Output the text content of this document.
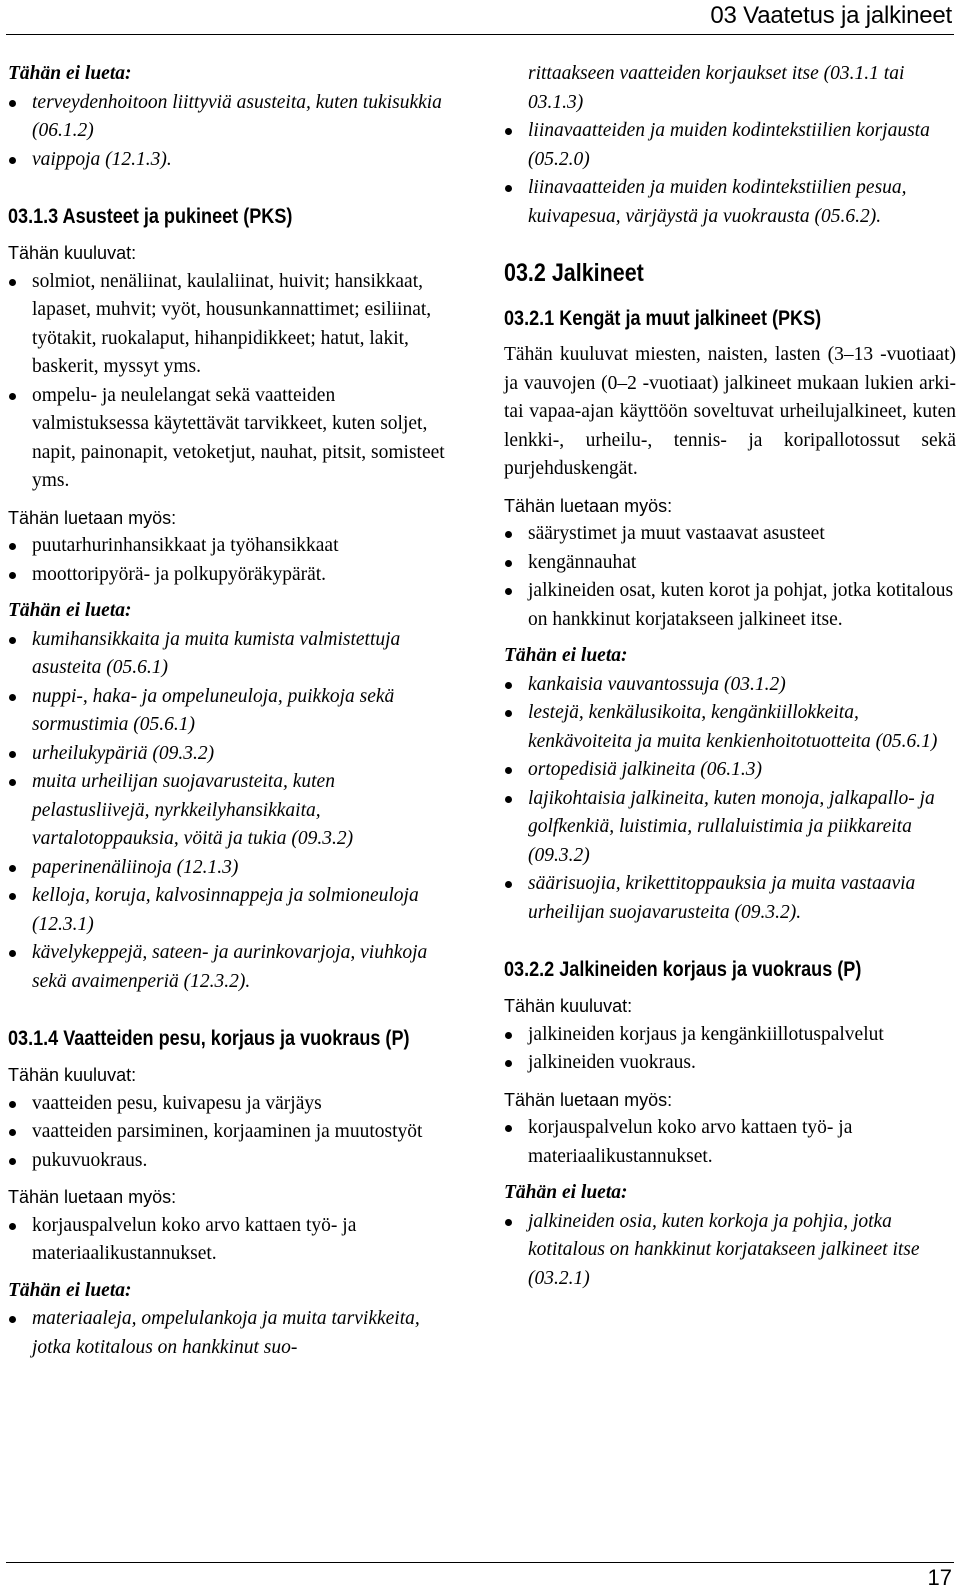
03 Vaatetus ja jalkineet
Tähän ei lueta:
terveydenhoitoon liittyviä asusteita, kuten tukisukkia (06.1.2)
vaippoja (12.1.3).
03.1.3 Asusteet ja pukineet (PKS)
Tähän kuuluvat:
solmiot, nenäliinat, kaulaliinat, huivit; hansikkaat, lapaset, muhvit; vyöt, housunkannattimet; esiliinat, työtakit, ruokalaput, hihanpidikkeet; hatut, lakit, baskerit, myssyt yms.
ompelu- ja neulelangat sekä vaatteiden valmistuksessa käytettävät tarvikkeet, kuten soljet, napit, painonapit, vetoketjut, nauhat, pitsit, somisteet yms.
Tähän luetaan myös:
puutarhurinhansikkaat ja työhansikkaat
moottoripyörä- ja polkupyöräkypärät.
Tähän ei lueta:
kumihansikkaita ja muita kumista valmistettuja asusteita (05.6.1)
nuppi-, haka- ja ompeluneuloja, puikkoja sekä sormustimia (05.6.1)
urheilukypäriä (09.3.2)
muita urheilijan suojavarusteita, kuten pelastusliivejä, nyrkkeilyhansikkaita, vartalotoppauksia, vöitä ja tukia (09.3.2)
paperinenäliinoja (12.1.3)
kelloja, koruja, kalvosinnappeja ja solmioneuloja (12.3.1)
kävelykeppejä, sateen- ja aurinkovarjoja, viuhkoja sekä avaimenperiä (12.3.2).
03.1.4 Vaatteiden pesu, korjaus ja vuokraus (P)
Tähän kuuluvat:
vaatteiden pesu, kuivapesu ja värjäys
vaatteiden parsiminen, korjaaminen ja muutostyöt
pukuvuokraus.
Tähän luetaan myös:
korjauspalvelun koko arvo kattaen työ- ja materiaalikustannukset.
Tähän ei lueta:
materiaaleja, ompelulankoja ja muita tarvikkeita, jotka kotitalous on hankkinut suo-
rittaakseen vaatteiden korjaukset itse (03.1.1 tai 03.1.3)
liinavaatteiden ja muiden kodintekstiilien korjausta (05.2.0)
liinavaatteiden ja muiden kodintekstiilien pesua, kuivapesua, värjäystä ja vuokrausta (05.6.2).
03.2 Jalkineet
03.2.1 Kengät ja muut jalkineet (PKS)

Tähän kuuluvat miesten, naisten, lasten (3–13 -vuotiaat) ja vauvojen (0–2 -vuotiaat) jalkineet mukaan lukien arki- tai vapaa-ajan käyttöön soveltuvat urheilujalkineet, kuten lenkki-, urheilu-, tennis- ja koripallotossut sekä purjehduskengät.

Tähän luetaan myös:
säärystimet ja muut vastaavat asusteet
kengännauhat
jalkineiden osat, kuten korot ja pohjat, jotka kotitalous on hankkinut korjatakseen jalkineet itse.
Tähän ei lueta:
kankaisia vauvantossuja (03.1.2)
lestejä, kenkälusikoita, kengänkiillokkeita, kenkävoiteita ja muita kenkienhoitotuotteita (05.6.1)
ortopedisiä jalkineita (06.1.3)
lajikohtaisia jalkineita, kuten monoja, jalkapallo- ja golfkenkiä, luistimia, rullaluistimia ja piikkareita (09.3.2)
säärisuojia, krikettitoppauksia ja muita vastaavia urheilijan suojavarusteita (09.3.2).
03.2.2 Jalkineiden korjaus ja vuokraus (P)
Tähän kuuluvat:
jalkineiden korjaus ja kengänkiillotuspalvelut
jalkineiden vuokraus.
Tähän luetaan myös:
korjauspalvelun koko arvo kattaen työ- ja materiaalikustannukset.
Tähän ei lueta:
jalkineiden osia, kuten korkoja ja pohjia, jotka kotitalous on hankkinut korjatakseen jalkineet itse (03.2.1)
17
